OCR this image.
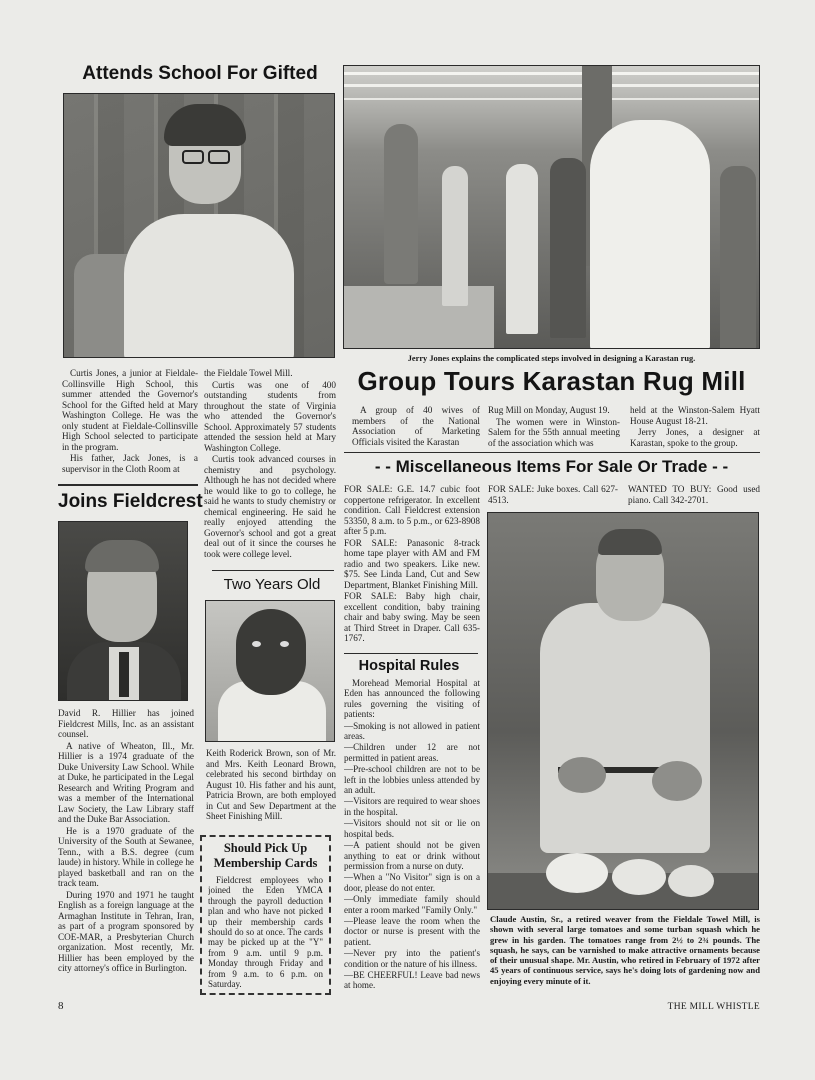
Attends School For Gifted

Curtis Jones, a junior at Fieldale-Collinsville High School, this summer attended the Governor's School for the Gifted held at Mary Washington College. He was the only student at Fieldale-Collinsville High School selected to participate in the program.

His father, Jack Jones, is a supervisor in the Cloth Room at

the Fieldale Towel Mill.

Curtis was one of 400 outstanding students from throughout the state of Virginia who attended the Governor's School. Approximately 57 students attended the session held at Mary Washington College.

Curtis took advanced courses in chemistry and psychology. Although he has not decided where he would like to go to college, he said he wants to study chemistry or chemical engineering. He said he really enjoyed attending the Governor's school and got a great deal out of it since the courses he took were college level.

Joins Fieldcrest

David R. Hillier has joined Fieldcrest Mills, Inc. as an assistant counsel.

A native of Wheaton, Ill., Mr. Hillier is a 1974 graduate of the Duke University Law School. While at Duke, he participated in the Legal Research and Writing Program and was a member of the International Law Society, the Law Library staff and the Duke Bar Association.

He is a 1970 graduate of the University of the South at Sewanee, Tenn., with a B.S. degree (cum laude) in history. While in college he played basketball and ran on the track team.

During 1970 and 1971 he taught English as a foreign language at the Armaghan Institute in Tehran, Iran, as part of a program sponsored by COE-MAR, a Presbyterian Church organization. Most recently, Mr. Hillier has been employed by the city attorney's office in Burlington.

Two Years Old

Keith Roderick Brown, son of Mr. and Mrs. Keith Leonard Brown, celebrated his second birthday on August 10. His father and his aunt, Patricia Brown, are both employed in Cut and Sew Department at the Sheet Finishing Mill.

Should Pick Up
Membership Cards
Fieldcrest employees who joined the Eden YMCA through the payroll deduction plan and who have not picked up their membership cards should do so at once. The cards may be picked up at the "Y" from 9 a.m. until 9 p.m. Monday through Friday and from 9 a.m. to 6 p.m. on Saturday.
8
Jerry Jones explains the complicated steps involved in designing a Karastan rug.
Group Tours Karastan Rug Mill

A group of 40 wives of members of the National Association of Marketing Officials visited the Karastan

Rug Mill on Monday, August 19.

The women were in Winston-Salem for the 55th annual meeting of the association which was

held at the Winston-Salem Hyatt House August 18-21.

Jerry Jones, a designer at Karastan, spoke to the group.

- - Miscellaneous Items For Sale Or Trade - -

FOR SALE: G.E. 14.7 cubic foot coppertone refrigerator. In excellent condition. Call Fieldcrest extension 53350, 8 a.m. to 5 p.m., or 623-8908 after 5 p.m.

FOR SALE: Panasonic 8-track home tape player with AM and FM radio and two speakers. Like new. $75. See Linda Land, Cut and Sew Department, Blanket Finishing Mill.

FOR SALE: Baby high chair, excellent condition, baby training chair and baby swing. May be seen at Third Street in Draper. Call 635-1767.

FOR SALE: Juke boxes. Call 627-4513.

WANTED TO BUY: Good used piano. Call 342-2701.

Hospital Rules

Morehead Memorial Hospital at Eden has announced the following rules governing the visiting of patients:

—Smoking is not allowed in patient areas.

—Children under 12 are not permitted in patient areas.

—Pre-school children are not to be left in the lobbies unless attended by an adult.

—Visitors are required to wear shoes in the hospital.

—Visitors should not sit or lie on hospital beds.

—A patient should not be given anything to eat or drink without permission from a nurse on duty.

—When a "No Visitor" sign is on a door, please do not enter.

—Only immediate family should enter a room marked "Family Only."

—Please leave the room when the doctor or nurse is present with the patient.

—Never pry into the patient's condition or the nature of his illness.

—BE CHEERFUL! Leave bad news at home.

Claude Austin, Sr., a retired weaver from the Fieldale Towel Mill, is shown with several large tomatoes and some turban squash which he grew in his garden. The tomatoes range from 2½ to 2¾ pounds. The squash, he says, can be varnished to make attractive ornaments because of their unusual shape. Mr. Austin, who retired in February of 1972 after 45 years of continuous service, says he's doing lots of gardening now and enjoying every minute of it.
THE MILL WHISTLE
